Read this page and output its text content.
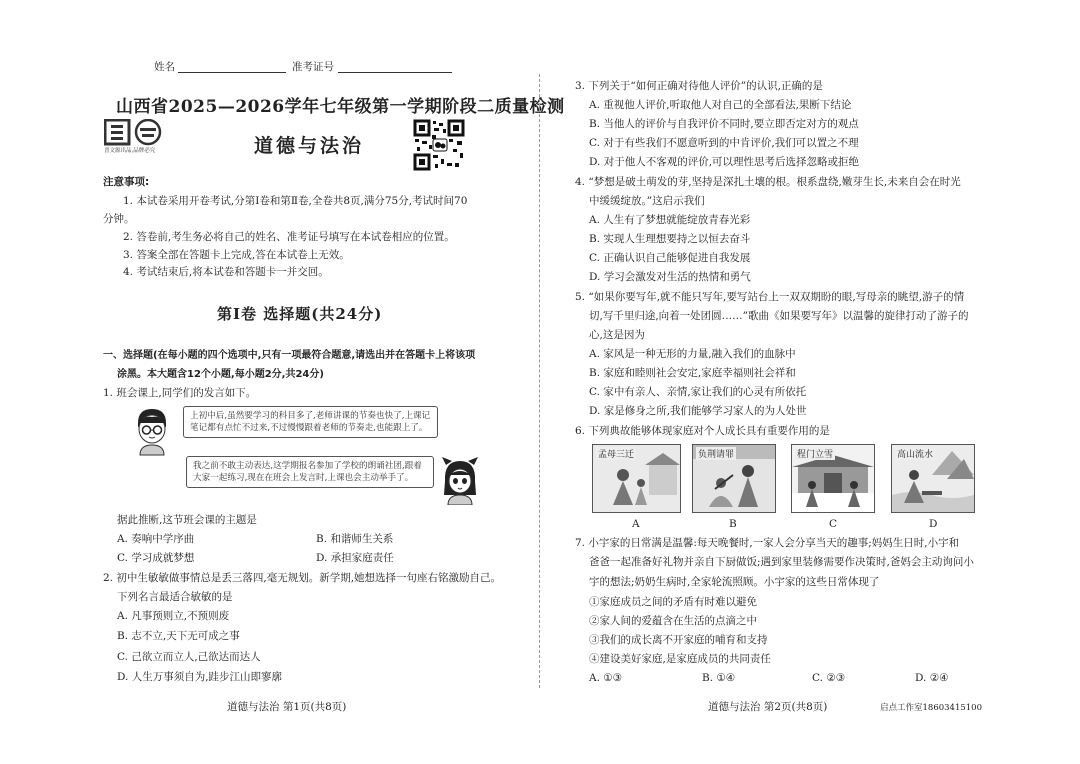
姓名	准考证号
山西省2025—2026学年七年级第一学期阶段二质量检测
晋文源出品,品牌必究	道德与法治
注意事项:
1. 本试卷采用开卷考试,分第Ⅰ卷和第Ⅱ卷,全卷共8页,满分75分,考试时间70
分钟。
2. 答卷前,考生务必将自己的姓名、准考证号填写在本试卷相应的位置。
3. 答案全部在答题卡上完成,答在本试卷上无效。
4. 考试结束后,将本试卷和答题卡一并交回。
第Ⅰ卷 选择题(共24分)
一、选择题(在每小题的四个选项中,只有一项最符合题意,请选出并在答题卡上将该项
涂黑。本大题含12个小题,每小题2分,共24分)
1. 班会课上,同学们的发言如下。
上初中后,虽然要学习的科目多了,老师讲课的节奏也快了,上课记笔记都有点忙不过来,不过慢慢跟着老师的节奏走,也能跟上了。
我之前不敢主动表达,这学期报名参加了学校的朗诵社团,跟着大家一起练习,现在在班会上发言时,上课也会主动举手了。
据此推断,这节班会课的主题是
A. 奏响中学序曲	B. 和谐师生关系
C. 学习成就梦想	D. 承担家庭责任
2. 初中生敏敏做事情总是丢三落四,毫无规划。新学期,她想选择一句座右铭激励自己。
下列名言最适合敏敏的是
A. 凡事预则立,不预则废
B. 志不立,天下无可成之事
C. 己欲立而立人,己欲达而达人
D. 人生万事须自为,跬步江山即寥廓
道德与法治 第1页(共8页)
3. 下列关于“如何正确对待他人评价”的认识,正确的是
A. 重视他人评价,听取他人对自己的全部看法,果断下结论
B. 当他人的评价与自我评价不同时,要立即否定对方的观点
C. 对于有些我们不愿意听到的中肯评价,我们可以置之不理
D. 对于他人不客观的评价,可以理性思考后选择忽略或拒绝
4. “梦想是破土萌发的芽,坚持是深扎土壤的根。根系盘绕,嫩芽生长,未来自会在时光
中缓缓绽放。”这启示我们
A. 人生有了梦想就能绽放青春光彩
B. 实现人生理想要持之以恒去奋斗
C. 正确认识自己能够促进自我发展
D. 学习会激发对生活的热情和勇气
5. “如果你要写年,就不能只写年,要写站台上一双双期盼的眼,写母亲的眺望,游子的情
切,写千里归途,向着一处团圆……”歌曲《如果要写年》以温馨的旋律打动了游子的
心,这是因为
A. 家风是一种无形的力量,融入我们的血脉中
B. 家庭和睦则社会安定,家庭幸福则社会祥和
C. 家中有亲人、亲情,家让我们的心灵有所依托
D. 家是修身之所,我们能够学习家人的为人处世
6. 下列典故能够体现家庭对个人成长具有重要作用的是
孟母三迁	负荆请罪	程门立雪	高山流水
A	B	C	D
7. 小宇家的日常满是温馨:每天晚餐时,一家人会分享当天的趣事;妈妈生日时,小宇和
爸爸一起准备好礼物并亲自下厨做饭;遇到家里装修需要作决策时,爸妈会主动询问小
宇的想法;奶奶生病时,全家轮流照顾。小宇家的这些日常体现了
①家庭成员之间的矛盾有时难以避免
②家人间的爱蕴含在生活的点滴之中
③我们的成长离不开家庭的哺育和支持
④建设美好家庭,是家庭成员的共同责任
A. ①③	B. ①④	C. ②③	D. ②④
道德与法治 第2页(共8页)	启点工作室18603415100
